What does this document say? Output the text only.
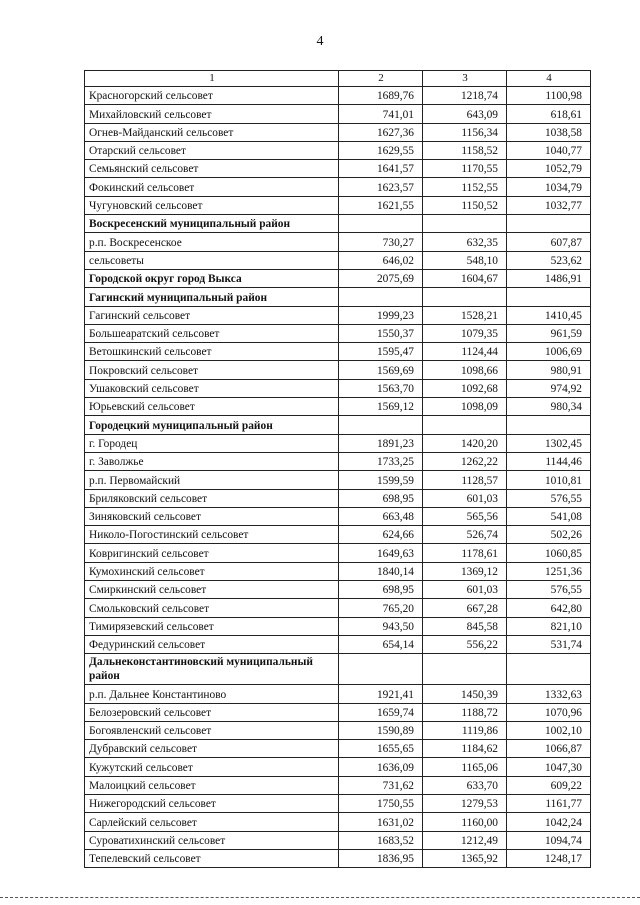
4
1	2	3	4
Красногорский сельсовет	1689,76	1218,74	1100,98
Михайловский сельсовет	741,01	643,09	618,61
Огнев-Майданский сельсовет	1627,36	1156,34	1038,58
Отарский сельсовет	1629,55	1158,52	1040,77
Семьянский сельсовет	1641,57	1170,55	1052,79
Фокинский сельсовет	1623,57	1152,55	1034,79
Чугуновский сельсовет	1621,55	1150,52	1032,77
Воскресенский муниципальный район			
р.п. Воскресенское	730,27	632,35	607,87
сельсоветы	646,02	548,10	523,62
Городской округ город Выкса	2075,69	1604,67	1486,91
Гагинский муниципальный район			
Гагинский сельсовет	1999,23	1528,21	1410,45
Большеаратский сельсовет	1550,37	1079,35	961,59
Ветошкинский сельсовет	1595,47	1124,44	1006,69
Покровский сельсовет	1569,69	1098,66	980,91
Ушаковский сельсовет	1563,70	1092,68	974,92
Юрьевский сельсовет	1569,12	1098,09	980,34
Городецкий муниципальный район			
г. Городец	1891,23	1420,20	1302,45
г. Заволжье	1733,25	1262,22	1144,46
р.п. Первомайский	1599,59	1128,57	1010,81
Бриляковский сельсовет	698,95	601,03	576,55
Зиняковский сельсовет	663,48	565,56	541,08
Николо-Погостинский сельсовет	624,66	526,74	502,26
Ковригинский сельсовет	1649,63	1178,61	1060,85
Кумохинский сельсовет	1840,14	1369,12	1251,36
Смиркинский сельсовет	698,95	601,03	576,55
Смольковский сельсовет	765,20	667,28	642,80
Тимирязевский сельсовет	943,50	845,58	821,10
Федуринский сельсовет	654,14	556,22	531,74
Дальнеконстантиновский муниципальный район			
р.п. Дальнее Константиново	1921,41	1450,39	1332,63
Белозеровский сельсовет	1659,74	1188,72	1070,96
Богоявленский сельсовет	1590,89	1119,86	1002,10
Дубравский сельсовет	1655,65	1184,62	1066,87
Кужутский сельсовет	1636,09	1165,06	1047,30
Малоицкий сельсовет	731,62	633,70	609,22
Нижегородский сельсовет	1750,55	1279,53	1161,77
Сарлейский сельсовет	1631,02	1160,00	1042,24
Суроватихинский сельсовет	1683,52	1212,49	1094,74
Тепелевский сельсовет	1836,95	1365,92	1248,17
